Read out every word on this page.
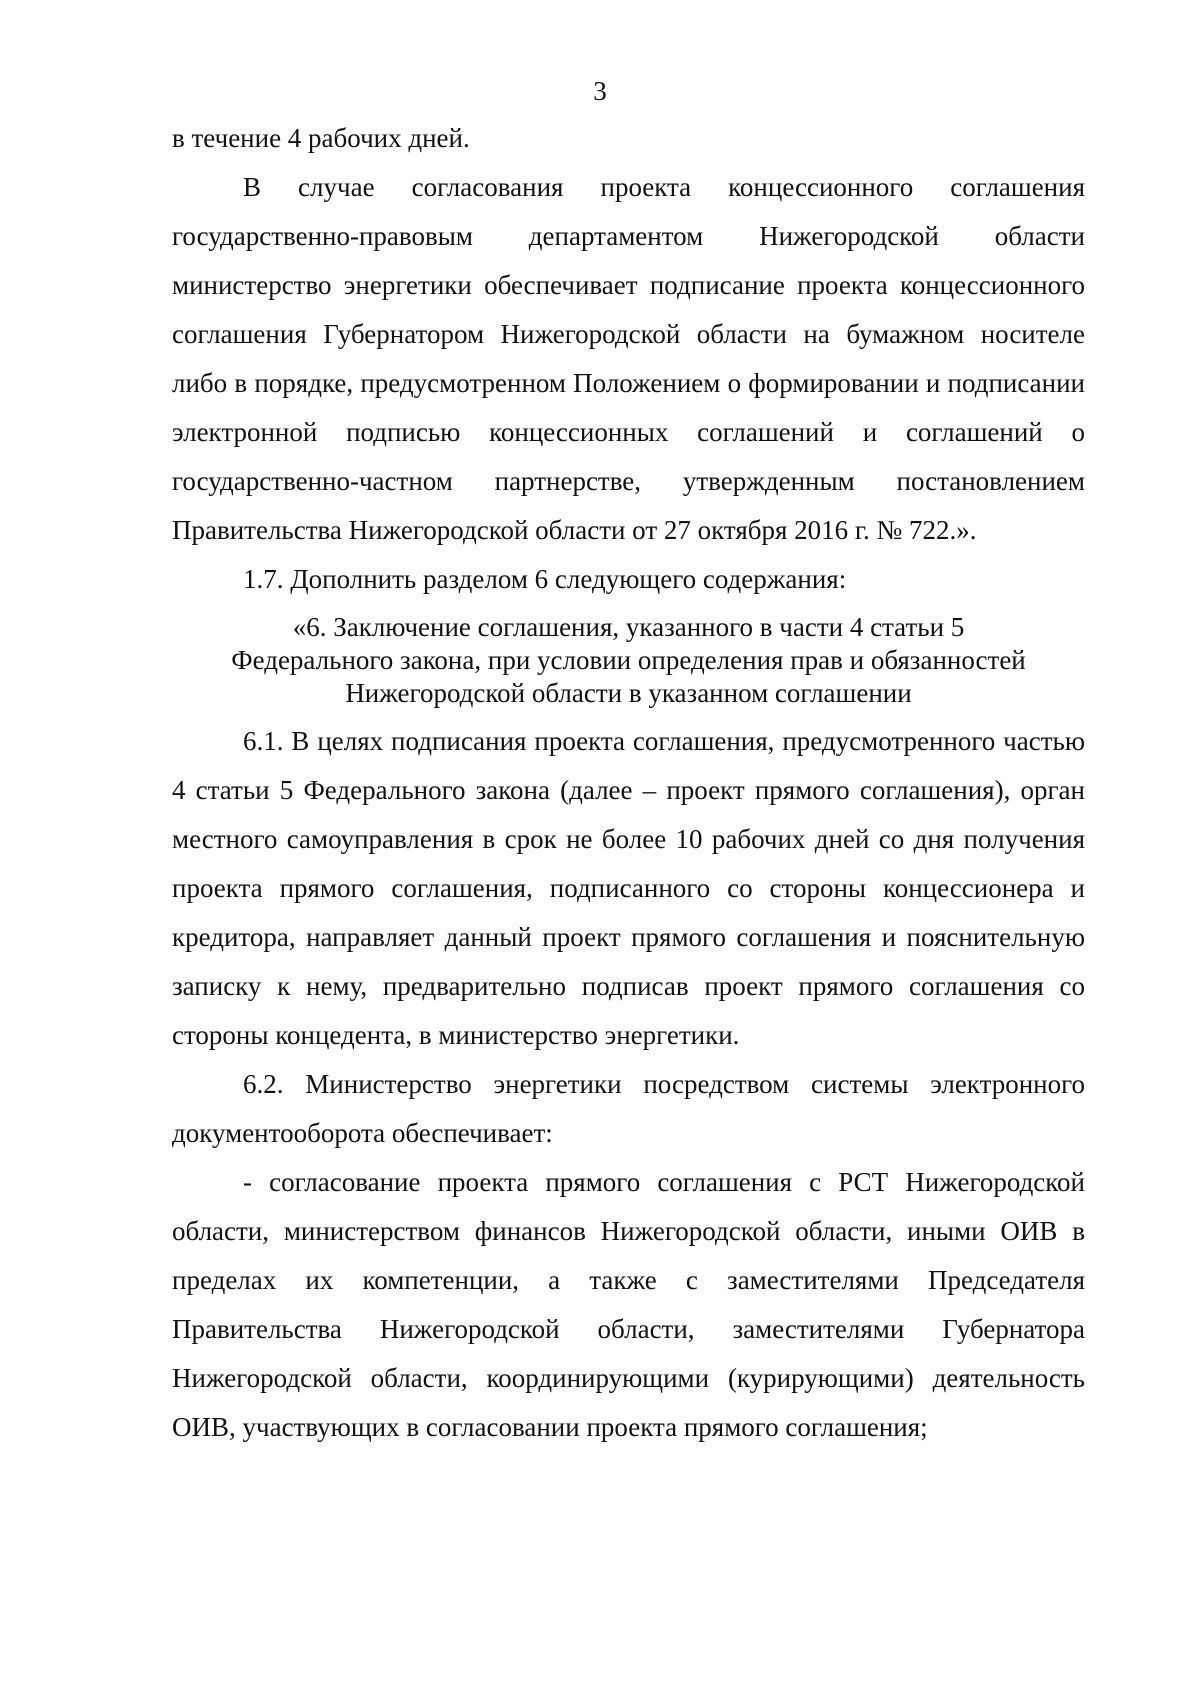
3

в течение 4 рабочих дней.

В случае согласования проекта концессионного соглашения государственно-правовым департаментом Нижегородской области министерство энергетики обеспечивает подписание проекта концессионного соглашения Губернатором Нижегородской области на бумажном носителе либо в порядке, предусмотренном Положением о формировании и подписании электронной подписью концессионных соглашений и соглашений о государственно-частном партнерстве, утвержденным постановлением Правительства Нижегородской области от 27 октября 2016 г. № 722.».

1.7. Дополнить разделом 6 следующего содержания:

«6. Заключение соглашения, указанного в части 4 статьи 5
Федерального закона, при условии определения прав и обязанностей
Нижегородской области в указанном соглашении

6.1. В целях подписания проекта соглашения, предусмотренного частью 4 статьи 5 Федерального закона (далее – проект прямого соглашения), орган местного самоуправления в срок не более 10 рабочих дней со дня получения проекта прямого соглашения, подписанного со стороны концессионера и кредитора, направляет данный проект прямого соглашения и пояснительную записку к нему, предварительно подписав проект прямого соглашения со стороны концедента, в министерство энергетики.

6.2. Министерство энергетики посредством системы электронного документооборота обеспечивает:

- согласование проекта прямого соглашения с РСТ Нижегородской области, министерством финансов Нижегородской области, иными ОИВ в пределах их компетенции, а также с заместителями Председателя Правительства Нижегородской области, заместителями Губернатора Нижегородской области, координирующими (курирующими) деятельность ОИВ, участвующих в согласовании проекта прямого соглашения;
